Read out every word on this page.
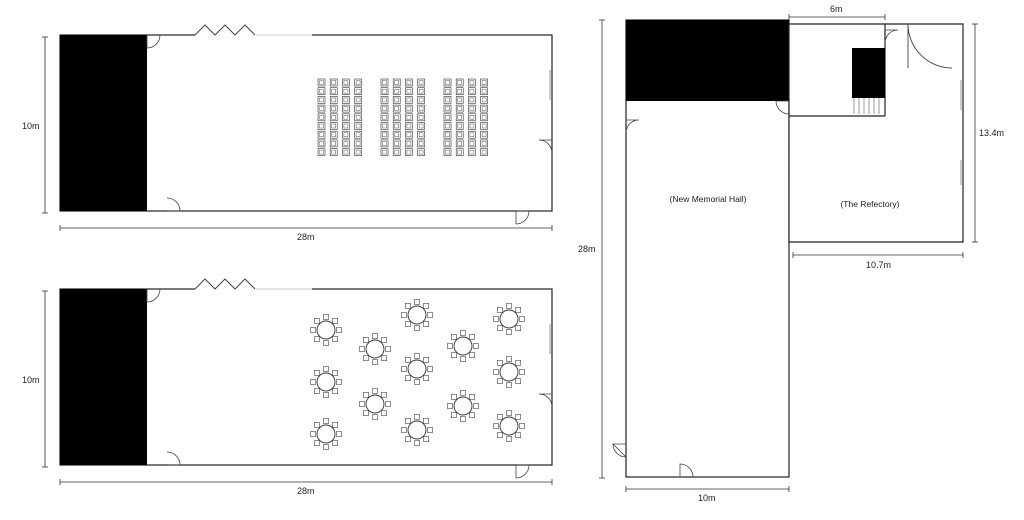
10m
28m
10m
28m
28m
(New Memorial Hall)	(The Refectory)
6m
13.4m
10.7m
10m
